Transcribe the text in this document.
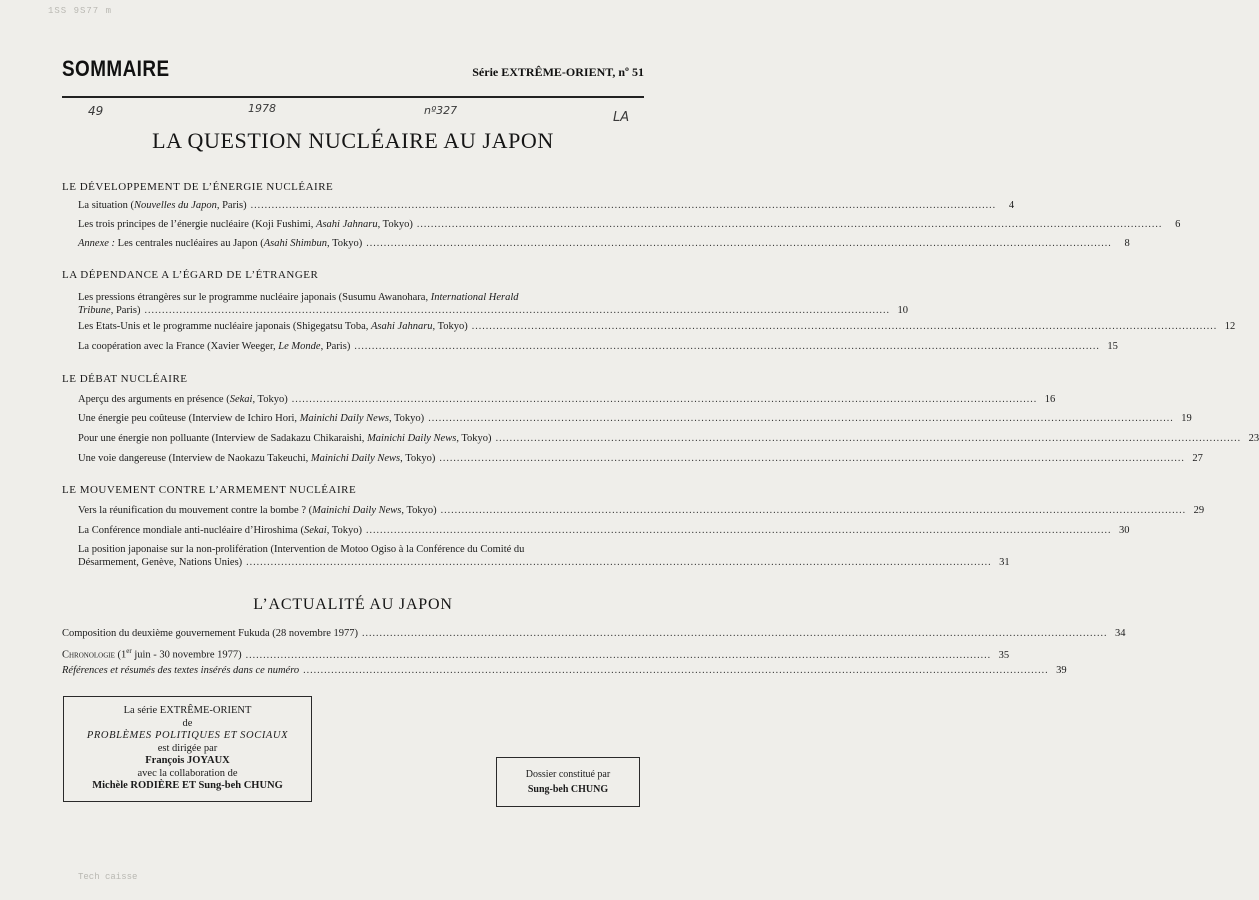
1SS 9S77 m
SOMMAIRE	Série EXTRÊME-ORIENT, nº 51
49	1978	nº327	LA
LA QUESTION NUCLÉAIRE AU JAPON
LE DÉVELOPPEMENT DE L’ÉNERGIE NUCLÉAIRE
La situation (Nouvelles du Japon, Paris) .....	4
Les trois principes de l’énergie nucléaire (Koji Fushimi, Asahi Jahnaru, Tokyo) .....	6
Annexe : Les centrales nucléaires au Japon (Asahi Shimbun, Tokyo) .....	8
LA DÉPENDANCE A L’ÉGARD DE L’ÉTRANGER
Les pressions étrangères sur le programme nucléaire japonais (Susumu Awanohara, International Herald
Tribune, Paris) .....	10
Les Etats-Unis et le programme nucléaire japonais (Shigegatsu Toba, Asahi Jahnaru, Tokyo) .....	12
La coopération avec la France (Xavier Weeger, Le Monde, Paris) .....	15
LE DÉBAT NUCLÉAIRE
Aperçu des arguments en présence (Sekai, Tokyo) .....	16
Une énergie peu coûteuse (Interview de Ichiro Hori, Mainichi Daily News, Tokyo) .....	19
Pour une énergie non polluante (Interview de Sadakazu Chikaraishi, Mainichi Daily News, Tokyo) .....	23
Une voie dangereuse (Interview de Naokazu Takeuchi, Mainichi Daily News, Tokyo) .....	27
LE MOUVEMENT CONTRE L’ARMEMENT NUCLÉAIRE
Vers la réunification du mouvement contre la bombe ? (Mainichi Daily News, Tokyo) .....	29
La Conférence mondiale anti-nucléaire d’Hiroshima (Sekai, Tokyo) .....	30
La position japonaise sur la non-prolifération (Intervention de Motoo Ogiso à la Conférence du Comité du
Désarmement, Genève, Nations Unies) .....	31
L’ACTUALITÉ AU JAPON
Composition du deuxième gouvernement Fukuda (28 novembre 1977) .....	34
Chronologie (1er juin - 30 novembre 1977) .....	35
Références et résumés des textes insérés dans ce numéro .....	39
La série EXTRÊME-ORIENT
de
PROBLÈMES POLITIQUES ET SOCIAUX
est dirigée par
François JOYAUX
avec la collaboration de
Michèle RODIÈRE ET Sung-beh CHUNG
Dossier constitué par
Sung-beh CHUNG
Tech caisse
